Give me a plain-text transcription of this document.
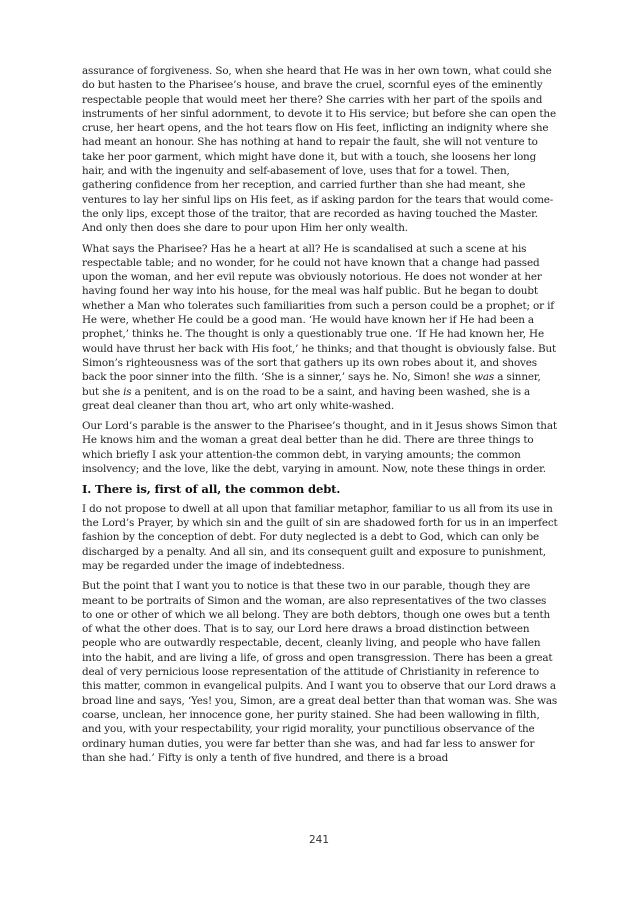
assurance of forgiveness. So, when she heard that He was in her own town, what could she do but hasten to the Pharisee’s house, and brave the cruel, scornful eyes of the eminently respectable people that would meet her there? She carries with her part of the spoils and instruments of her sinful adornment, to devote it to His service; but before she can open the cruse, her heart opens, and the hot tears flow on His feet, inflicting an indignity where she had meant an honour. She has nothing at hand to repair the fault, she will not venture to take her poor garment, which might have done it, but with a touch, she loosens her long hair, and with the ingenuity and self-abasement of love, uses that for a towel. Then, gathering confidence from her reception, and carried further than she had meant, she ventures to lay her sinful lips on His feet, as if asking pardon for the tears that would come-the only lips, except those of the traitor, that are recorded as having touched the Master. And only then does she dare to pour upon Him her only wealth.

What says the Pharisee? Has he a heart at all? He is scandalised at such a scene at his respectable table; and no wonder, for he could not have known that a change had passed upon the woman, and her evil repute was obviously notorious. He does not wonder at her having found her way into his house, for the meal was half public. But he began to doubt whether a Man who tolerates such familiarities from such a person could be a prophet; or if He were, whether He could be a good man. ‘He would have known her if He had been a prophet,’ thinks he. The thought is only a questionably true one. ‘If He had known her, He would have thrust her back with His foot,’ he thinks; and that thought is obviously false. But Simon’s righteousness was of the sort that gathers up its own robes about it, and shoves back the poor sinner into the filth. ‘She is a sinner,’ says he. No, Simon! she was a sinner, but she is a penitent, and is on the road to be a saint, and having been washed, she is a great deal cleaner than thou art, who art only white-washed.

Our Lord’s parable is the answer to the Pharisee’s thought, and in it Jesus shows Simon that He knows him and the woman a great deal better than he did. There are three things to which briefly I ask your attention-the common debt, in varying amounts; the common insolvency; and the love, like the debt, varying in amount. Now, note these things in order.

I. There is, first of all, the common debt.

I do not propose to dwell at all upon that familiar metaphor, familiar to us all from its use in the Lord’s Prayer, by which sin and the guilt of sin are shadowed forth for us in an imperfect fashion by the conception of debt. For duty neglected is a debt to God, which can only be discharged by a penalty. And all sin, and its consequent guilt and exposure to punishment, may be regarded under the image of indebtedness.

But the point that I want you to notice is that these two in our parable, though they are meant to be portraits of Simon and the woman, are also representatives of the two classes to one or other of which we all belong. They are both debtors, though one owes but a tenth of what the other does. That is to say, our Lord here draws a broad distinction between people who are outwardly respectable, decent, cleanly living, and people who have fallen into the habit, and are living a life, of gross and open transgression. There has been a great deal of very pernicious loose representation of the attitude of Christianity in reference to this matter, common in evangelical pulpits. And I want you to observe that our Lord draws a broad line and says, ‘Yes! you, Simon, are a great deal better than that woman was. She was coarse, unclean, her innocence gone, her purity stained. She had been wallowing in filth, and you, with your respectability, your rigid morality, your punctilious observance of the ordinary human duties, you were far better than she was, and had far less to answer for than she had.’ Fifty is only a tenth of five hundred, and there is a broad

241
